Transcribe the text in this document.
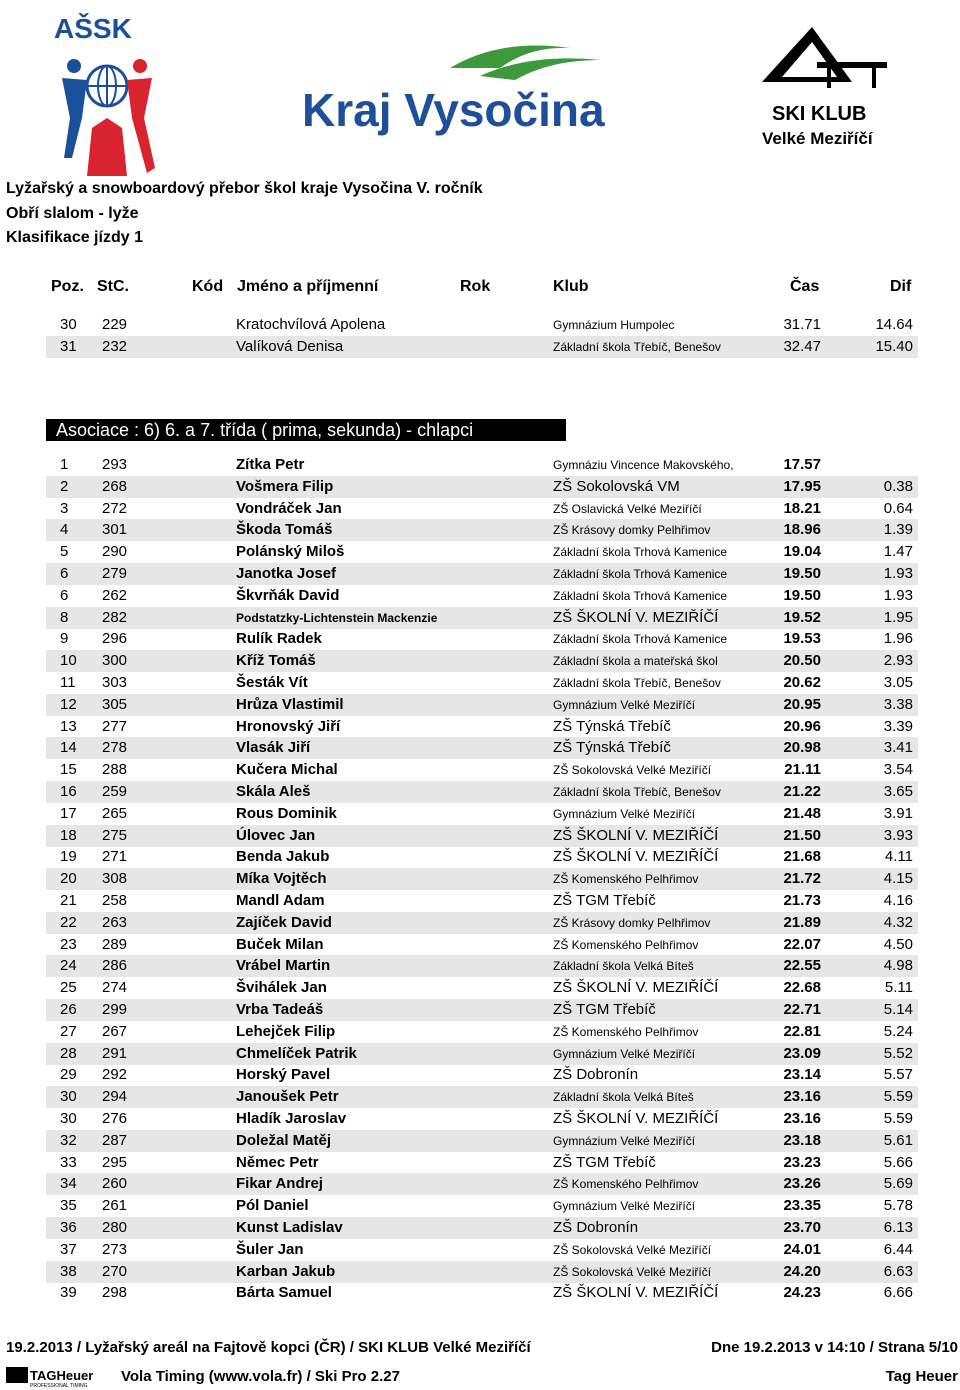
AŠSK
Kraj Vysočina	SKI KLUB
Velké Meziříčí
Lyžařský a snowboardový přebor škol kraje Vysočina V. ročník
Obří slalom - lyže
Klasifikace jízdy 1
Poz. StC.	Kód Jméno a příjmenní	Rok	Klub	Čas	Dif
30 229	Kratochvílová Apolena	Gymnázium Humpolec	31.71	14.64
31 232	Valíková Denisa	Základní škola Třebíč, Benešov	32.47	15.40
Asociace : 6) 6. a 7. třída ( prima, sekunda) - chlapci
1 293	Zítka Petr	Gymnáziu Vincence Makovského,	17.57
2 268	Vošmera Filip	ZŠ Sokolovská VM	17.95	0.38
3 272	Vondráček Jan	ZŠ Oslavická Velké Meziříčí	18.21	0.64
4 301	Škoda Tomáš	ZŠ Krásovy domky Pelhřimov	18.96	1.39
5 290	Polánský Miloš	Základní škola Trhová Kamenice	19.04	1.47
6 279	Janotka Josef	Základní škola Trhová Kamenice	19.50	1.93
6 262	Škvrňák David	Základní škola Trhová Kamenice	19.50	1.93
8 282	Podstatzky-Lichtenstein Mackenzie	ZŠ ŠKOLNÍ V. MEZIŘÍČÍ	19.52	1.95
9 296	Rulík Radek	Základní škola Trhová Kamenice	19.53	1.96
10 300	Kříž Tomáš	Základní škola a mateřská škol	20.50	2.93
11 303	Šesták Vít	Základní škola Třebíč, Benešov	20.62	3.05
12 305	Hrůza Vlastimil	Gymnázium Velké Meziříčí	20.95	3.38
13 277	Hronovský Jiří	ZŠ Týnská Třebíč	20.96	3.39
14 278	Vlasák Jiří	ZŠ Týnská Třebíč	20.98	3.41
15 288	Kučera Michal	ZŠ Sokolovská Velké Meziříčí	21.11	3.54
16 259	Skála Aleš	Základní škola Třebíč, Benešov	21.22	3.65
17 265	Rous Dominik	Gymnázium Velké Meziříčí	21.48	3.91
18 275	Úlovec Jan	ZŠ ŠKOLNÍ V. MEZIŘÍČÍ	21.50	3.93
19 271	Benda Jakub	ZŠ ŠKOLNÍ V. MEZIŘÍČÍ	21.68	4.11
20 308	Míka Vojtěch	ZŠ Komenského Pelhřimov	21.72	4.15
21 258	Mandl Adam	ZŠ TGM Třebíč	21.73	4.16
22 263	Zajíček David	ZŠ Krásovy domky Pelhřimov	21.89	4.32
23 289	Buček Milan	ZŠ Komenského Pelhřimov	22.07	4.50
24 286	Vrábel Martin	Základní škola Velká Bíteš	22.55	4.98
25 274	Švihálek Jan	ZŠ ŠKOLNÍ V. MEZIŘÍČÍ	22.68	5.11
26 299	Vrba Tadeáš	ZŠ TGM Třebíč	22.71	5.14
27 267	Lehejček Filip	ZŠ Komenského Pelhřimov	22.81	5.24
28 291	Chmelíček Patrik	Gymnázium Velké Meziříčí	23.09	5.52
29 292	Horský Pavel	ZŠ Dobronín	23.14	5.57
30 294	Janoušek Petr	Základní škola Velká Bíteš	23.16	5.59
30 276	Hladík Jaroslav	ZŠ ŠKOLNÍ V. MEZIŘÍČÍ	23.16	5.59
32 287	Doležal Matěj	Gymnázium Velké Meziříčí	23.18	5.61
33 295	Němec Petr	ZŠ TGM Třebíč	23.23	5.66
34 260	Fikar Andrej	ZŠ Komenského Pelhřimov	23.26	5.69
35 261	Pól Daniel	Gymnázium Velké Meziříčí	23.35	5.78
36 280	Kunst Ladislav	ZŠ Dobronín	23.70	6.13
37 273	Šuler Jan	ZŠ Sokolovská Velké Meziříčí	24.01	6.44
38 270	Karban Jakub	ZŠ Sokolovská Velké Meziříčí	24.20	6.63
39 298	Bárta Samuel	ZŠ ŠKOLNÍ V. MEZIŘÍČÍ	24.23	6.66
19.2.2013 / Lyžařský areál na Fajtově kopci (ČR) / SKI KLUB Velké Meziříčí	Dne 19.2.2013 v 14:10 / Strana 5/10
TAGHeuer
PROFESSIONAL TIMING
Vola Timing (www.vola.fr) / Ski Pro 2.27	Tag Heuer
